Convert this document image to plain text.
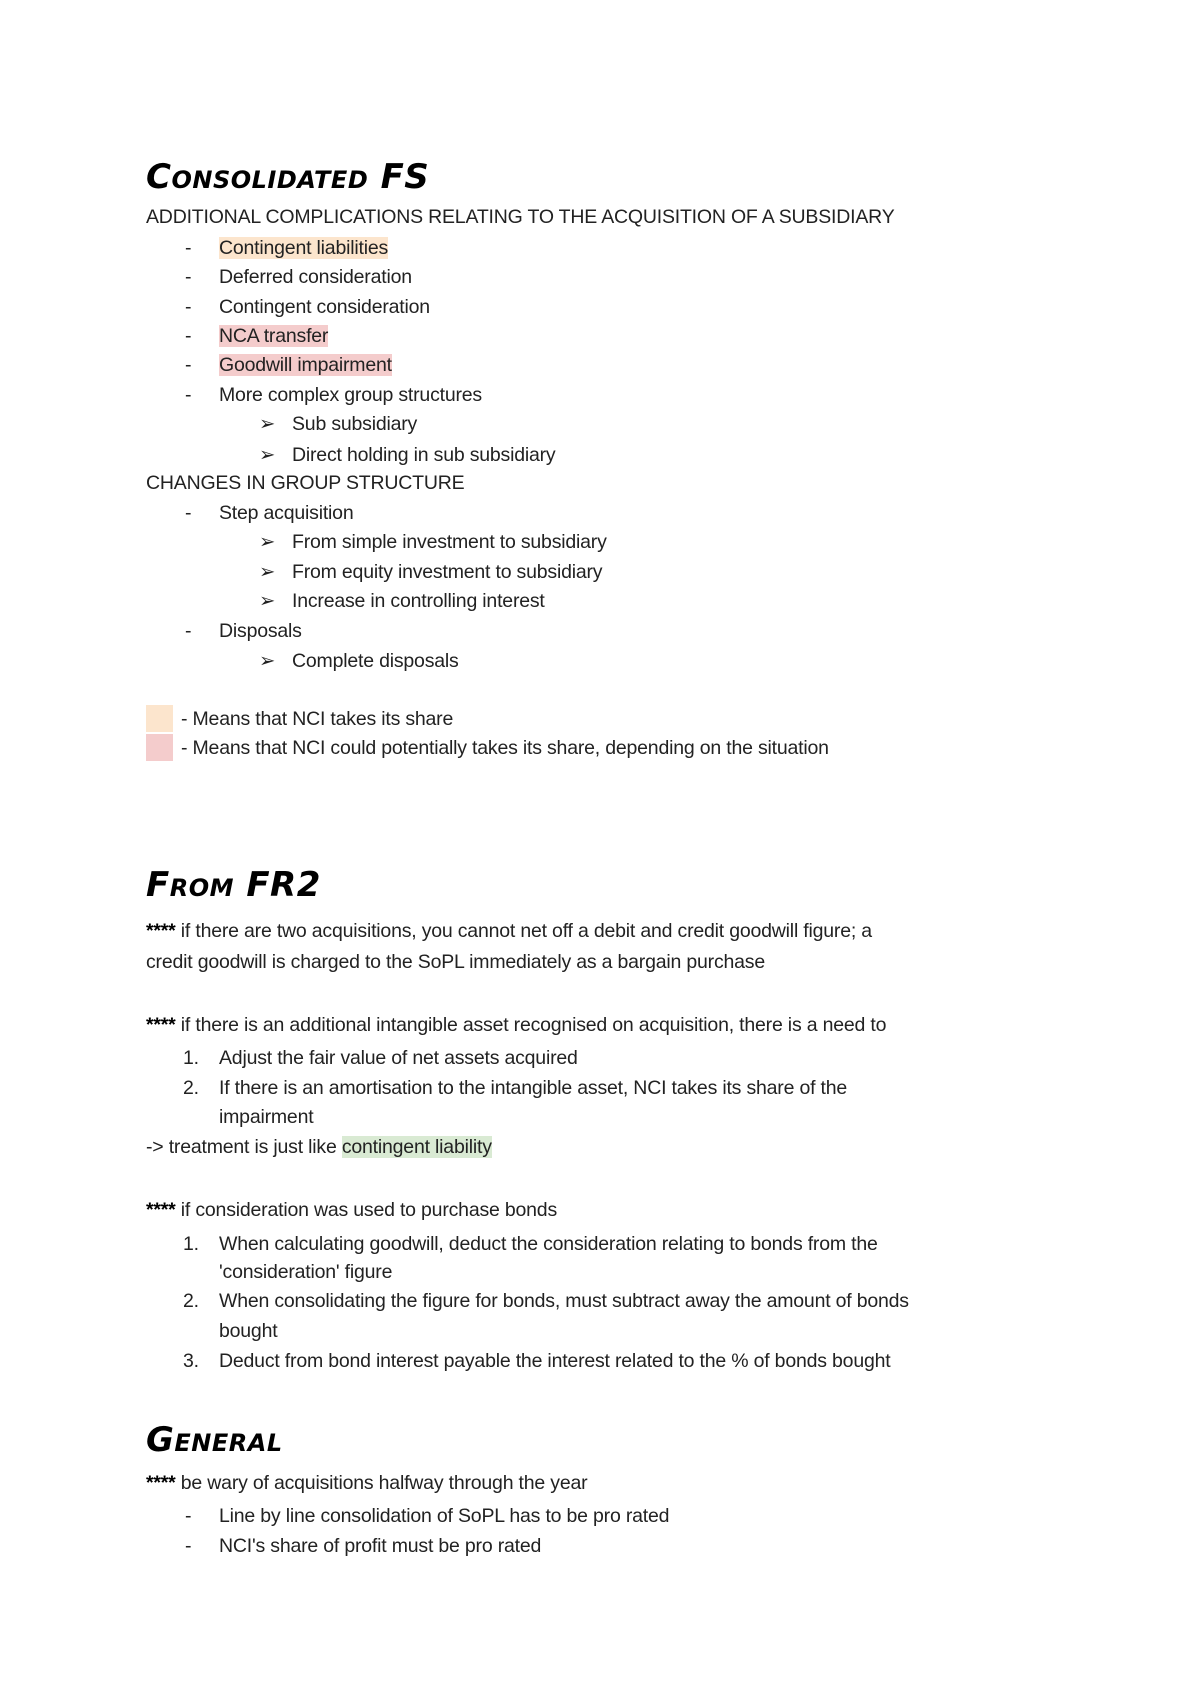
Consolidated FS
ADDITIONAL COMPLICATIONS RELATING TO THE ACQUISITION OF A SUBSIDIARY
- Contingent liabilities
- Deferred consideration
- Contingent consideration
- NCA transfer
- Goodwill impairment
- More complex group structures
➢ Sub subsidiary
➢ Direct holding in sub subsidiary
CHANGES IN GROUP STRUCTURE
- Step acquisition
➢ From simple investment to subsidiary
➢ From equity investment to subsidiary
➢ Increase in controlling interest
- Disposals
➢ Complete disposals
- Means that NCI takes its share
- Means that NCI could potentially takes its share, depending on the situation
From FR2
**** if there are two acquisitions, you cannot net off a debit and credit goodwill figure; a
credit goodwill is charged to the SoPL immediately as a bargain purchase
**** if there is an additional intangible asset recognised on acquisition, there is a need to
1. Adjust the fair value of net assets acquired
2. If there is an amortisation to the intangible asset, NCI takes its share of the
impairment
-> treatment is just like contingent liability
**** if consideration was used to purchase bonds
1. When calculating goodwill, deduct the consideration relating to bonds from the
'consideration' figure
2. When consolidating the figure for bonds, must subtract away the amount of bonds
bought
3. Deduct from bond interest payable the interest related to the % of bonds bought
General
**** be wary of acquisitions halfway through the year
- Line by line consolidation of SoPL has to be pro rated
- NCI's share of profit must be pro rated
